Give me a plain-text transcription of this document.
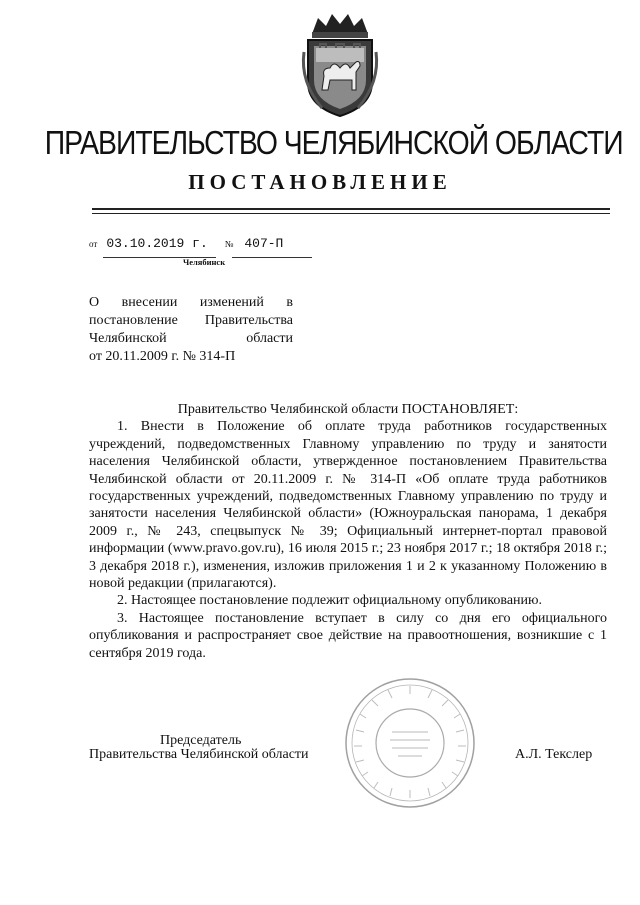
ПРАВИТЕЛЬСТВО ЧЕЛЯБИНСКОЙ ОБЛАСТИ
ПОСТАНОВЛЕНИЕ
от 03.10.2019 г. № 407-П
Челябинск
О внесении изменений в
постановление Правительства
Челябинской	области
от 20.11.2009 г. № 314-П
Правительство Челябинской области ПОСТАНОВЛЯЕТ:

1. Внести в Положение об оплате труда работников государственных учреждений, подведомственных Главному управлению по труду и занятости населения Челябинской области, утвержденное постановлением Правительства Челябинской области от 20.11.2009 г. № 314-П «Об оплате труда работников государственных учреждений, подведомственных Главному управлению по труду и занятости населения Челябинской области» (Южноуральская панорама, 1 декабря 2009 г., № 243, спецвыпуск № 39; Официальный интернет-портал правовой информации (www.pravo.gov.ru), 16 июля 2015 г.; 23 ноября 2017 г.; 18 октября 2018 г.; 3 декабря 2018 г.), изменения, изложив приложения 1 и 2 к указанному Положению в новой редакции (прилагаются).

2. Настоящее постановление подлежит официальному опубликованию.

3. Настоящее постановление вступает в силу со дня его официального опубликования и распространяет свое действие на правоотношения, возникшие с 1 сентября 2019 года.

Председатель
Правительства Челябинской области	А.Л. Текслер
